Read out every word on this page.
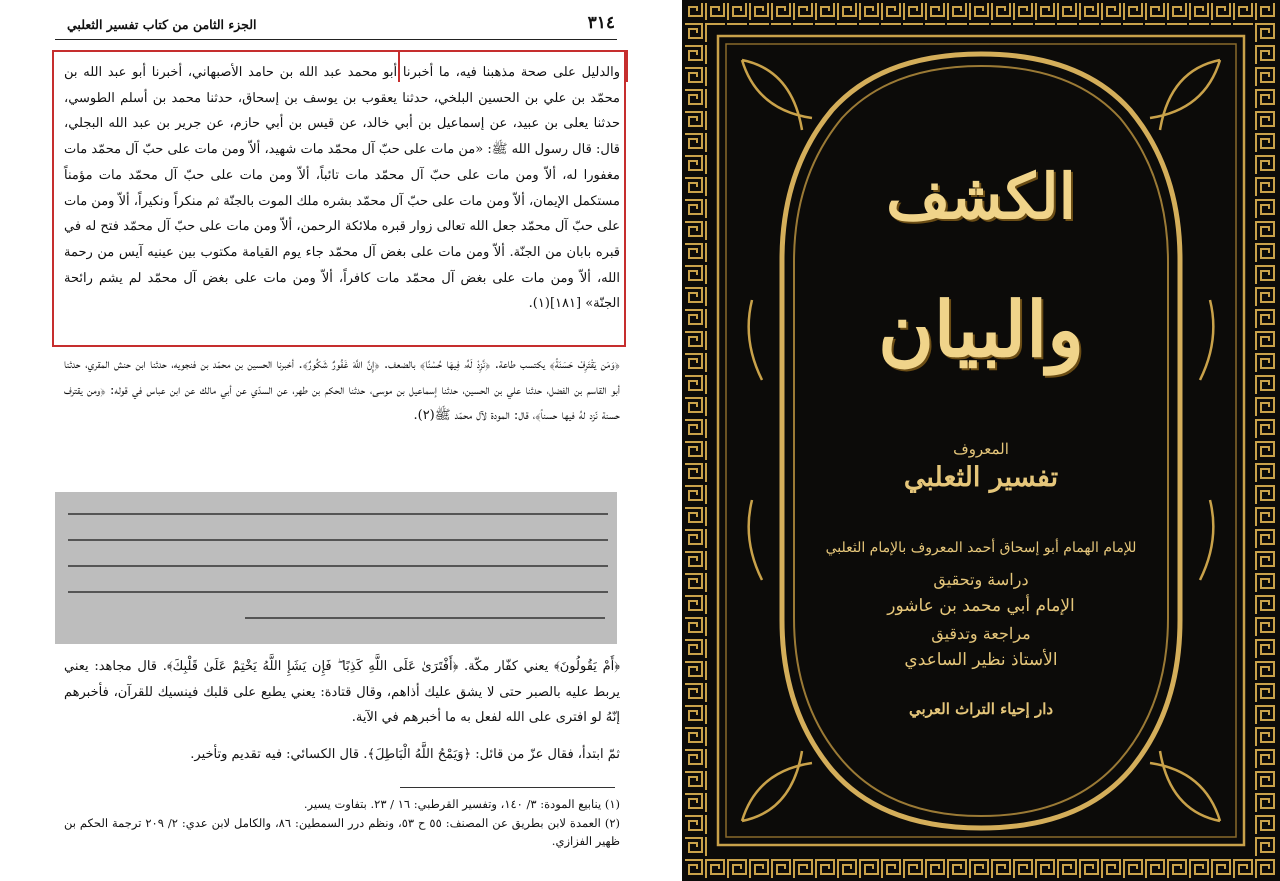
٣١٤
الجزء الثامن من كتاب تفسير الثعلبي
والدليل على صحة مذهبنا فيه، ما أخبرنا أبو محمد عبد الله بن حامد الأصبهاني، أخبرنا أبو عبد الله بن محمّد بن علي بن الحسين البلخي، حدثنا يعقوب بن يوسف بن إسحاق، حدثنا محمد بن أسلم الطوسي، حدثنا يعلى بن عبيد، عن إسماعيل بن أبي خالد، عن قيس بن أبي حازم، عن جرير بن عبد الله البجلي، قال: قال رسول الله ﷺ: «من مات على حبّ آل محمّد مات شهيد، ألاّ ومن مات على حبّ آل محمّد مات مغفورا له، ألاّ ومن مات على حبّ آل محمّد مات تائباً، ألاّ ومن مات على حبّ آل محمّد مات مؤمناً مستكمل الإيمان، ألاّ ومن مات على حبّ آل محمّد بشره ملك الموت بالجنّة ثم منكراً ونكيراً، ألاّ ومن مات على حبّ آل محمّد جعل الله تعالى زوار قبره ملائكة الرحمن، ألاّ ومن مات على حبّ آل محمّد فتح له في قبره بابان من الجنّة. ألاّ ومن مات على بغض آل محمّد جاء يوم القيامة مكتوب بين عينيه آيس من رحمة الله، ألاّ ومن مات على بغض آل محمّد مات كافراً، ألاّ ومن مات على بغض آل محمّد لم يشم رائحة الجنّة» [١٨١](١).
﴿وَمَن يَقْتَرِفْ حَسَنَةً﴾ يكتسب طاعة. ﴿نَّزِدْ لَهُۥ فِيهَا حُسْنًا﴾ بالضعف. ﴿إِنَّ اللَّهَ غَفُورٌ شَكُورٌ﴾. أخبرنا الحسين بن محمّد بن فنجويه، حدثنا ابن حنش المقري، حدثنا أبو القاسم بن الفضل، حدثنا علي بن الحسين، حدثنا إسماعيل بن موسى، حدثنا الحكم بن طهر، عن السدّي عن أبي مالك عن ابن عباس في قوله: ﴿ومن يقترف حسنة نّزد لهُ فيها حسناً﴾، قال: المودة لآل محمّد ﷺ(٢).
﴿أَمْ يَقُولُونَ﴾ يعني كفّار مكّة. ﴿أَفْتَرَىٰ عَلَى اللَّهِ كَذِبًا ۖ فَإِن يَشَإِ اللَّهُ يَخْتِمْ عَلَىٰ قَلْبِكَ﴾. قال مجاهد: يعني يربط عليه بالصبر حتى لا يشق عليك أذاهم، وقال قتادة: يعني يطبع على قلبك فينسيك للقرآن، فأخبرهم إنّهُ لو افترى على الله لفعل به ما أخبرهم في الآية.
ثمّ ابتدأ، فقال عزّ من قائل: ﴿وَيَمْحُ اللَّهُ الْبَاطِلَ﴾. قال الكسائي: فيه تقديم وتأخير.
(١) ينابيع المودة: ٣/ ١٤٠، وتفسير القرطبي: ١٦ / ٢٣. بتفاوت يسير.
(٢) العمدة لابن بطريق عن المصنف: ٥٥ ح ٥٣، ونظم درر السمطين: ٨٦، والكامل لابن عدي: ٢/ ٢٠٩ ترجمة الحكم بن ظهير الفزازي.
الكشف
والبيان
المعروف
تفسير الثعلبي
للإمام الهمام أبو إسحاق أحمد المعروف بالإمام الثعلبي
دراسة وتحقيق
الإمام أبي محمد بن عاشور
مراجعة وتدقيق
الأستاذ نظير الساعدي
دار إحياء التراث العربي
